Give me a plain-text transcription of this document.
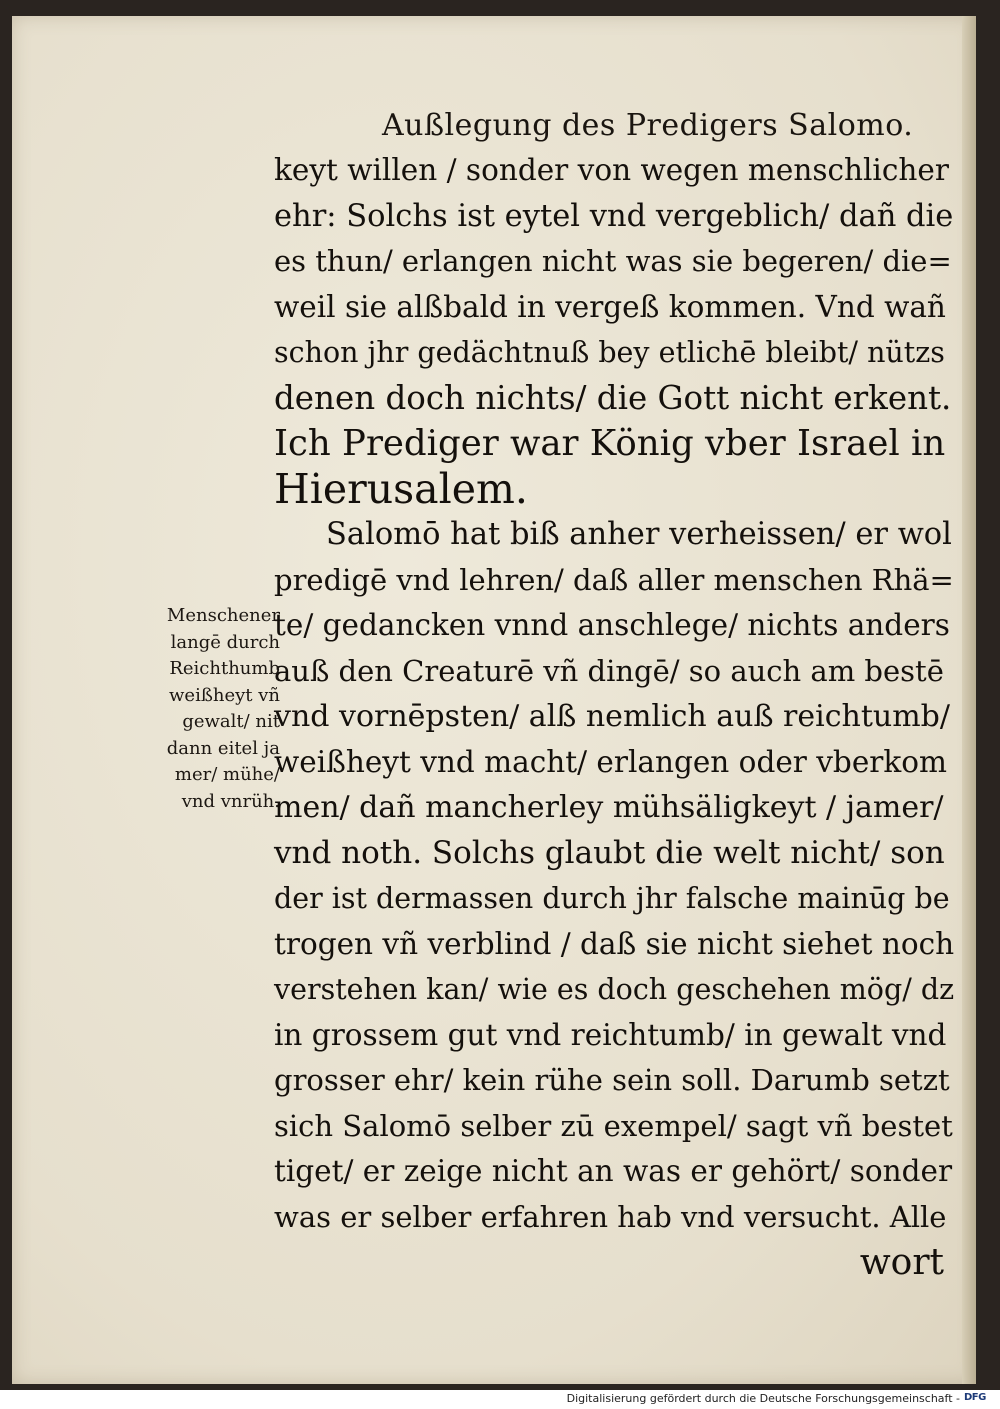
Außlegung des Predigers Salomo.
keyt willen / sonder von wegen menschlicher
ehr: Solchs ist eytel vnd vergeblich/ dañ die
es thun/ erlangen nicht was sie begeren/ die=
weil sie alßbald in vergeß kommen. Vnd wañ
schon jhr gedächtnuß bey etlichē bleibt/ nützs
denen doch nichts/ die Gott nicht erkent.
Ich Prediger war König vber Israel in
Hierusalem.
Salomō hat biß anher verheissen/ er wol
predigē vnd lehren/ daß aller menschen Rhä=
te/ gedancken vnnd anschlege/ nichts anders
auß den Creaturē vñ dingē/ so auch am bestē
vnd vornēpsten/ alß nemlich auß reichtumb/
weißheyt vnd macht/ erlangen oder vberkom
men/ dañ mancherley mühsäligkeyt / jamer/
vnd noth. Solchs glaubt die welt nicht/ son
der ist dermassen durch jhr falsche mainūg be
trogen vñ verblind / daß sie nicht siehet noch
verstehen kan/ wie es doch geschehen mög/ dz
in grossem gut vnd reichtumb/ in gewalt vnd
grosser ehr/ kein rühe sein soll. Darumb setzt
sich Salomō selber zū exempel/ sagt vñ bestet
tiget/ er zeige nicht an was er gehört/ sonder
was er selber erfahren hab vnd versucht. Alle
wort
Menschener
langē durch
Reichthumb
weißheyt vñ
gewalt/ nit
dann eitel ja
mer/ mühe/
vnd vnrüh.
Digitalisierung gefördert durch die Deutsche Forschungsgemeinschaft - DFG
